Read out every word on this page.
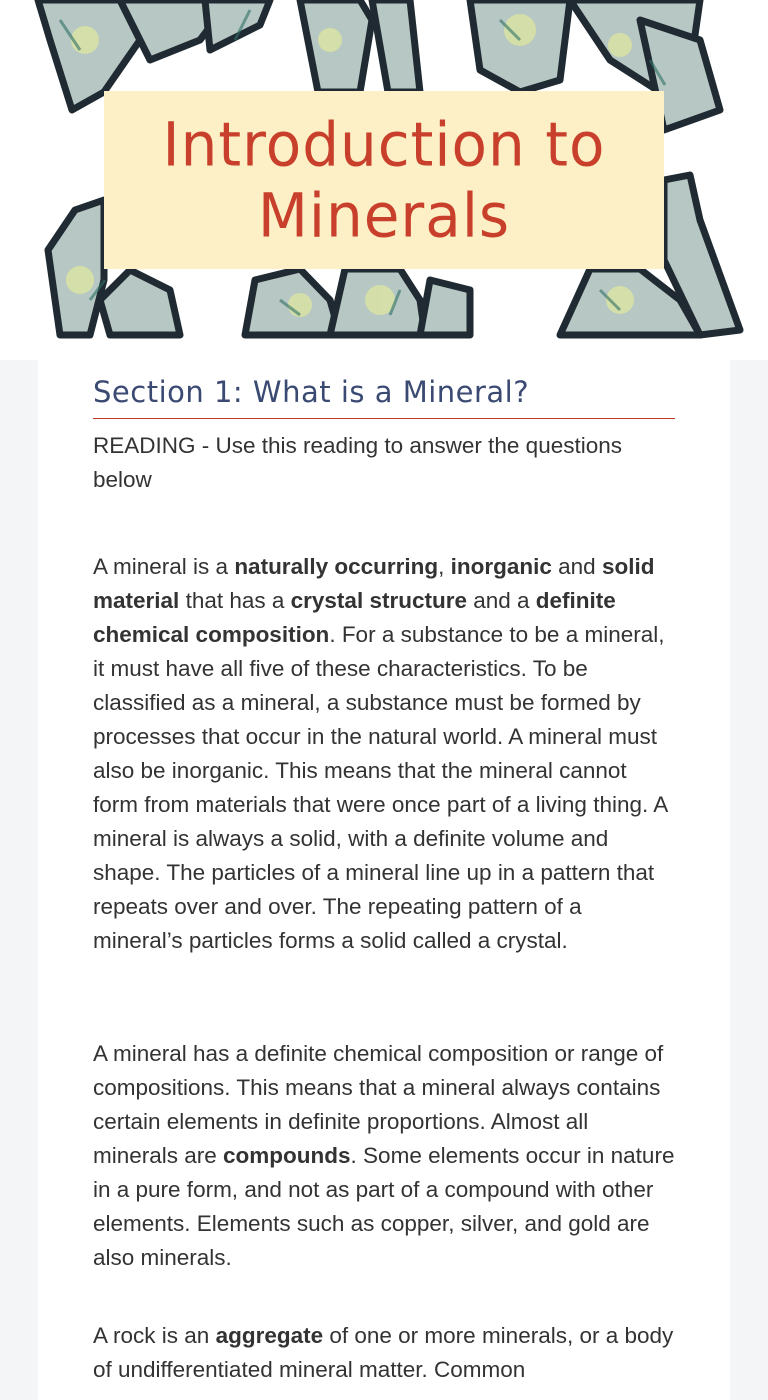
Introduction to
Minerals
Section 1: What is a Mineral?
READING - Use this reading to answer the questions below
A mineral is a naturally occurring, inorganic and solid material that has a crystal structure and a definite chemical composition. For a substance to be a mineral, it must have all five of these characteristics. To be classified as a mineral, a substance must be formed by processes that occur in the natural world. A mineral must also be inorganic. This means that the mineral cannot form from materials that were once part of a living thing. A mineral is always a solid, with a definite volume and shape. The particles of a mineral line up in a pattern that repeats over and over. The repeating pattern of a mineral’s particles forms a solid called a crystal.
A mineral has a definite chemical composition or range of compositions. This means that a mineral always contains certain elements in definite proportions. Almost all minerals are compounds. Some elements occur in nature in a pure form, and not as part of a compound with other elements. Elements such as copper, silver, and gold are also minerals.
A rock is an aggregate of one or more minerals, or a body of undifferentiated mineral matter. Common
